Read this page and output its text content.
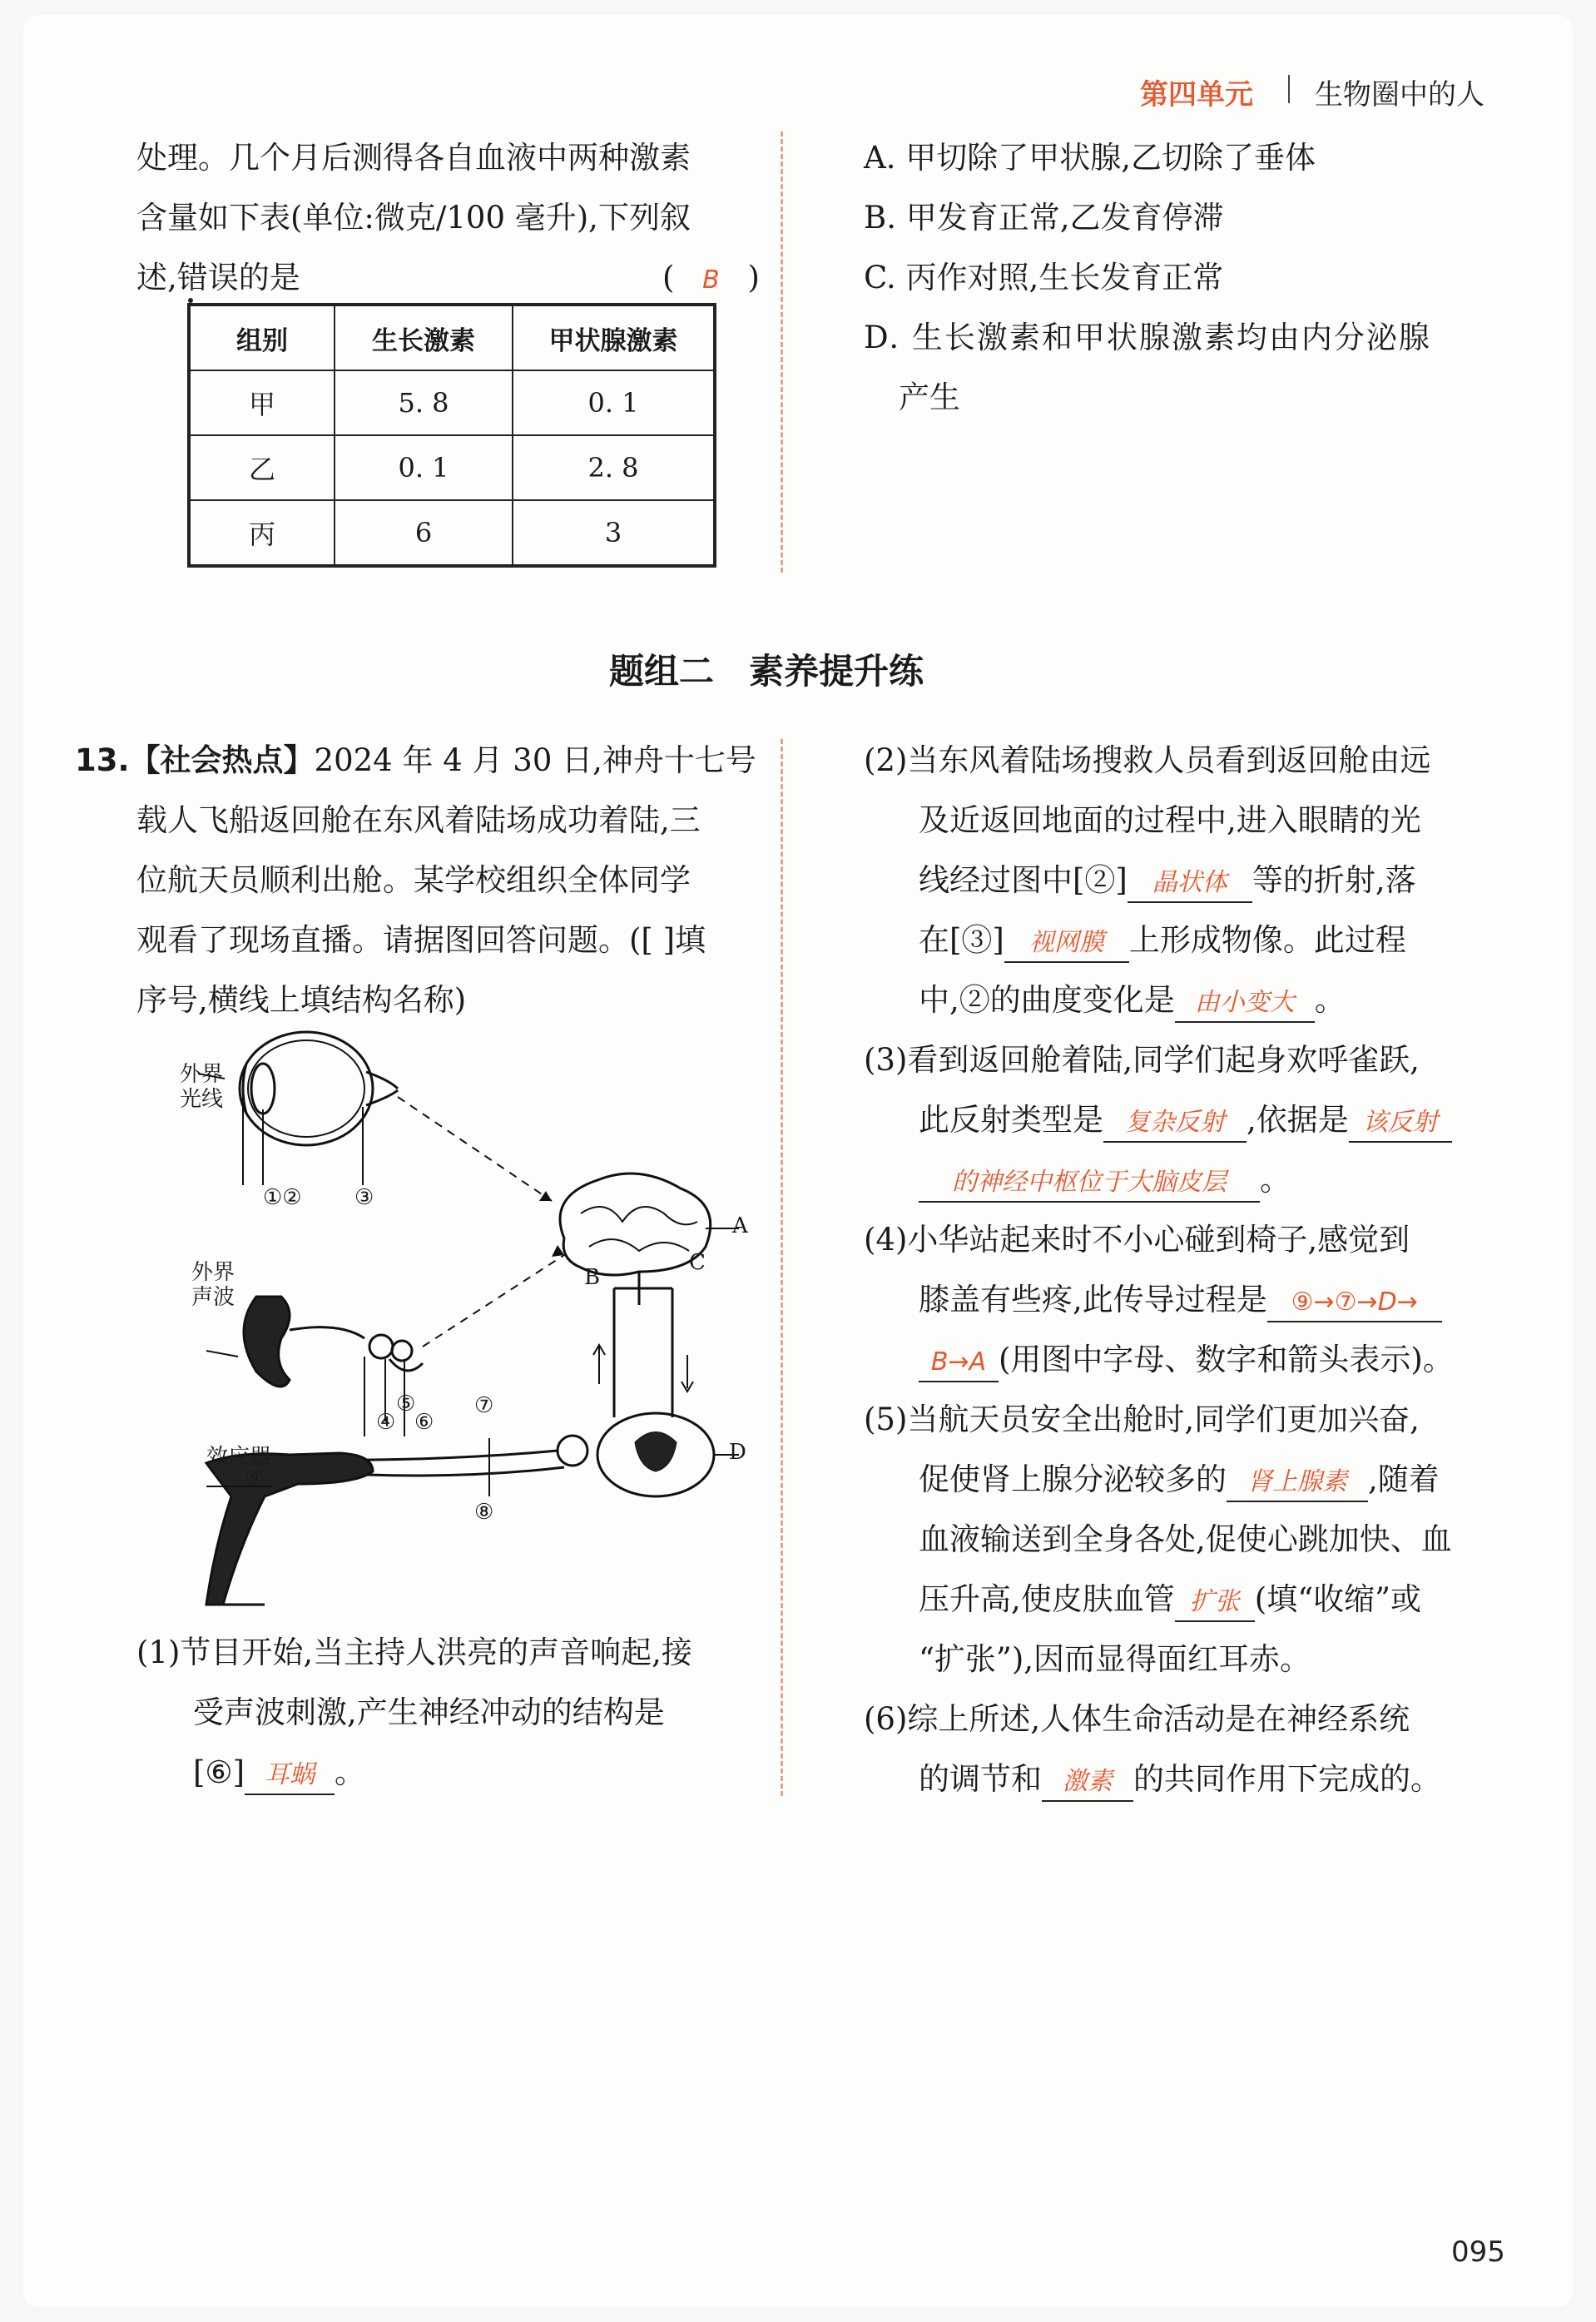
第四单元 生物圈中的人
处理。几个月后测得各自血液中两种激素
含量如下表(单位:微克/100 毫升),下列叙
述,错误的是	( B )
组别	生长激素	甲状腺激素
甲	5. 8	0. 1
乙	0. 1	2. 8
丙	6	3
A. 甲切除了甲状腺,乙切除了垂体
B. 甲发育正常,乙发育停滞
C. 丙作对照,生长发育正常
D. 生长激素和甲状腺激素均由内分泌腺
产生
题组二　素养提升练
13.【社会热点】2024 年 4 月 30 日,神舟十七号
载人飞船返回舱在东风着陆场成功着陆,三
位航天员顺利出舱。某学校组织全体同学
观看了现场直播。请据图回答问题。([ ]填
序号,横线上填结构名称)
外界
光线
①② ③
外界
声波
④
⑤
⑥
A
B
C
D
⑦
效应器
⑨
⑧
(1)节目开始,当主持人洪亮的声音响起,接
受声波刺激,产生神经冲动的结构是
[⑥] 耳蜗 。
(2)当东风着陆场搜救人员看到返回舱由远
及近返回地面的过程中,进入眼睛的光
线经过图中[②] 晶状体 等的折射,落
在[③] 视网膜 上形成物像。此过程
中,②的曲度变化是 由小变大 。
(3)看到返回舱着陆,同学们起身欢呼雀跃,
此反射类型是 复杂反射 ,依据是 该反射
的神经中枢位于大脑皮层 。
(4)小华站起来时不小心碰到椅子,感觉到
膝盖有些疼,此传导过程是 ⑨→⑦→D→
B→A (用图中字母、数字和箭头表示)。
(5)当航天员安全出舱时,同学们更加兴奋,
促使肾上腺分泌较多的 肾上腺素 ,随着
血液输送到全身各处,促使心跳加快、血
压升高,使皮肤血管 扩张 (填“收缩”或
“扩张”),因而显得面红耳赤。
(6)综上所述,人体生命活动是在神经系统
的调节和 激素 的共同作用下完成的。
095
